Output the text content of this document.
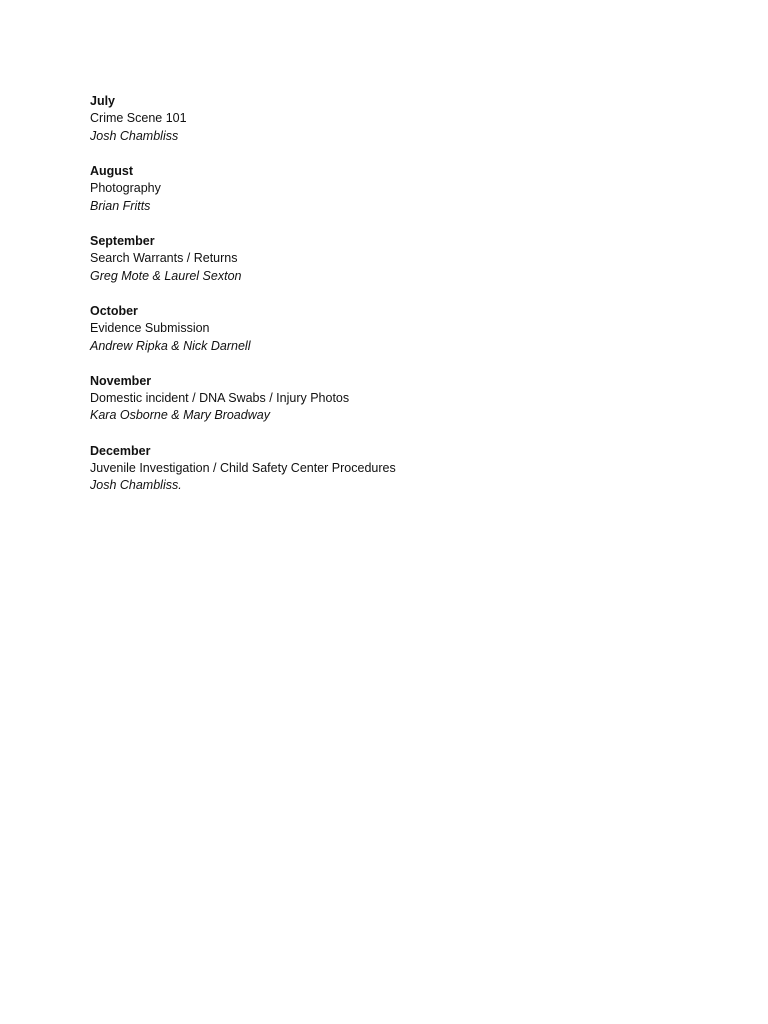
July
Crime Scene 101
Josh Chambliss
August
Photography
Brian Fritts
September
Search Warrants / Returns
Greg Mote & Laurel Sexton
October
Evidence Submission
Andrew Ripka & Nick Darnell
November
Domestic incident / DNA Swabs / Injury Photos
Kara Osborne & Mary Broadway
December
Juvenile Investigation / Child Safety Center Procedures
Josh Chambliss.
